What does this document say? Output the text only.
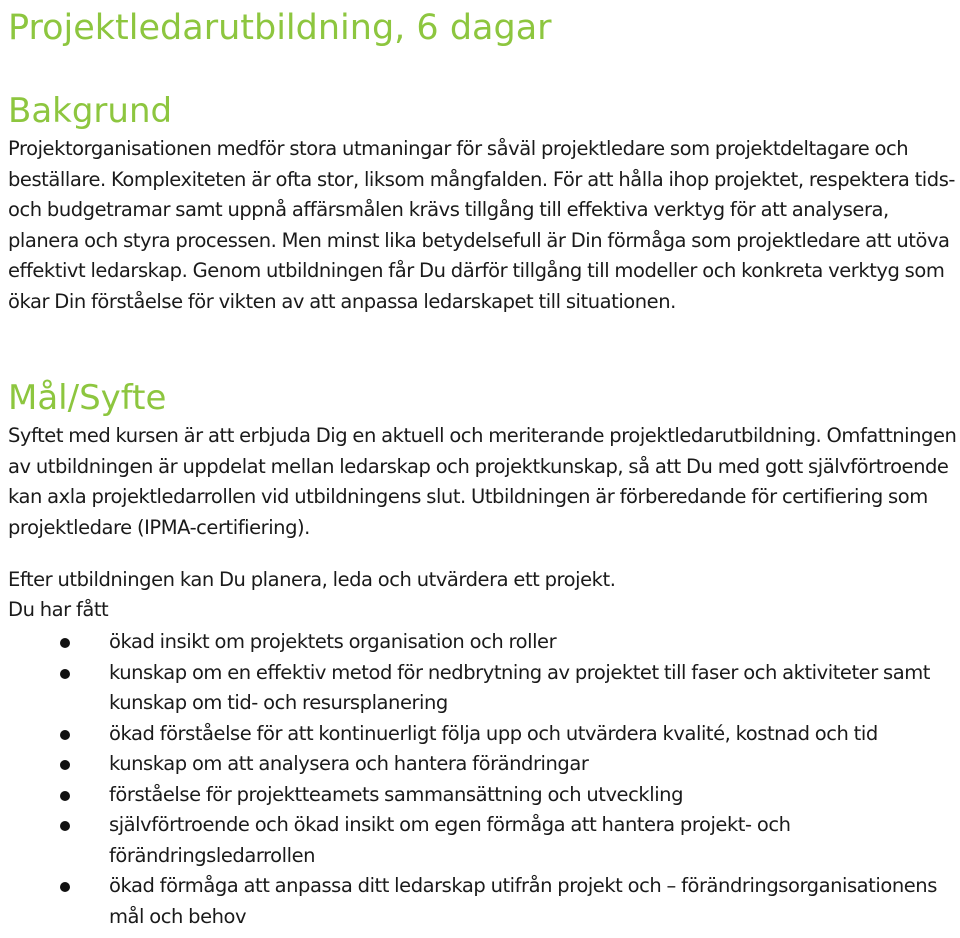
Projektledarutbildning, 6 dagar
Bakgrund

Projektorganisationen medför stora utmaningar för såväl projektledare som projektdeltagare och beställare. Komplexiteten är ofta stor, liksom mångfalden. För att hålla ihop projektet, respektera tids- och budgetramar samt uppnå affärsmålen krävs tillgång till effektiva verktyg för att analysera, planera och styra processen. Men minst lika betydelsefull är Din förmåga som projektledare att utöva effektivt ledarskap. Genom utbildningen får Du därför tillgång till modeller och konkreta verktyg som ökar Din förståelse för vikten av att anpassa ledarskapet till situationen.

Mål/Syfte

Syftet med kursen är att erbjuda Dig en aktuell och meriterande projektledarutbildning. Omfattningen av utbildningen är uppdelat mellan ledarskap och projektkunskap, så att Du med gott självförtroende kan axla projektledarrollen vid utbildningens slut. Utbildningen är förberedande för certifiering som projektledare (IPMA-certifiering).

Efter utbildningen kan Du planera, leda och utvärdera ett projekt.

Du har fått

ökad insikt om projektets organisation och roller
kunskap om en effektiv metod för nedbrytning av projektet till faser och aktiviteter samt kunskap om tid- och resursplanering
ökad förståelse för att kontinuerligt följa upp och utvärdera kvalité, kostnad och tid
kunskap om att analysera och hantera förändringar
förståelse för projektteamets sammansättning och utveckling
självförtroende och ökad insikt om egen förmåga att hantera projekt- och förändringsledarrollen
ökad förmåga att anpassa ditt ledarskap utifrån projekt och – förändringsorganisationens mål och behov
